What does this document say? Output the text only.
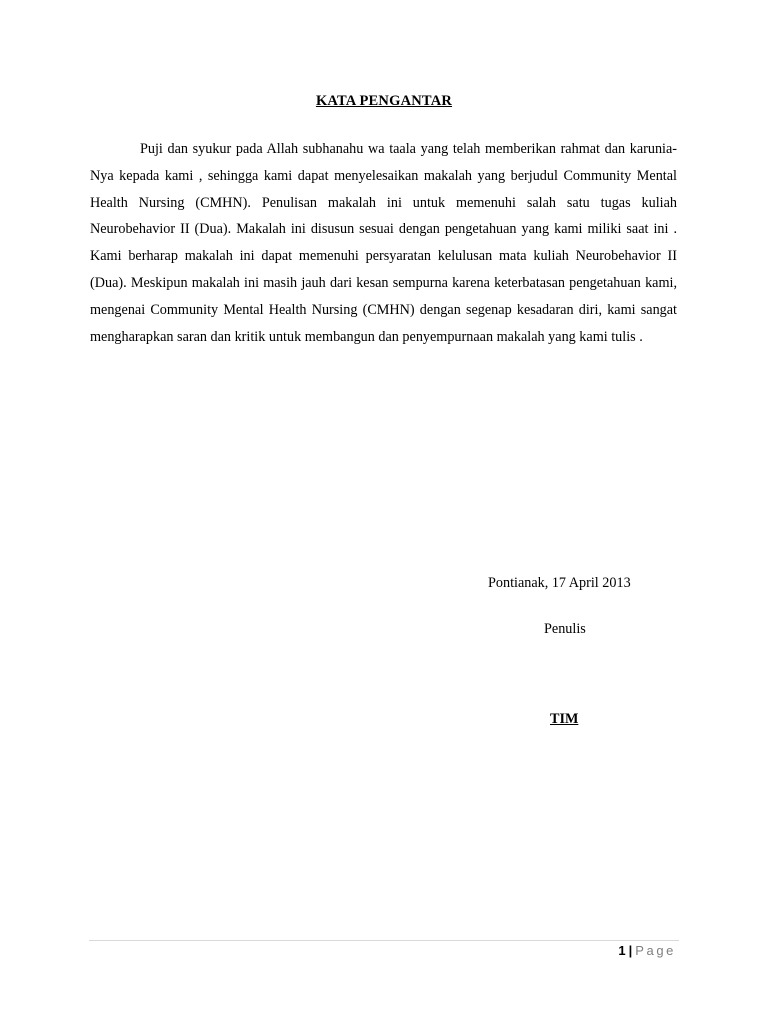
KATA PENGANTAR

Puji dan syukur pada Allah subhanahu wa taala yang telah memberikan rahmat dan karunia-Nya kepada kami , sehingga kami dapat menyelesaikan makalah yang berjudul Community Mental Health Nursing (CMHN). Penulisan makalah ini untuk memenuhi salah satu tugas kuliah Neurobehavior II (Dua). Makalah ini disusun sesuai dengan pengetahuan yang kami miliki saat ini . Kami berharap makalah ini dapat memenuhi persyaratan kelulusan mata kuliah Neurobehavior II (Dua). Meskipun makalah ini masih jauh dari kesan sempurna karena keterbatasan pengetahuan kami, mengenai Community Mental Health Nursing (CMHN) dengan segenap kesadaran diri, kami sangat mengharapkan saran dan kritik untuk membangun dan penyempurnaan makalah yang kami tulis .

Pontianak, 17 April 2013
Penulis
TIM
1 | Page
